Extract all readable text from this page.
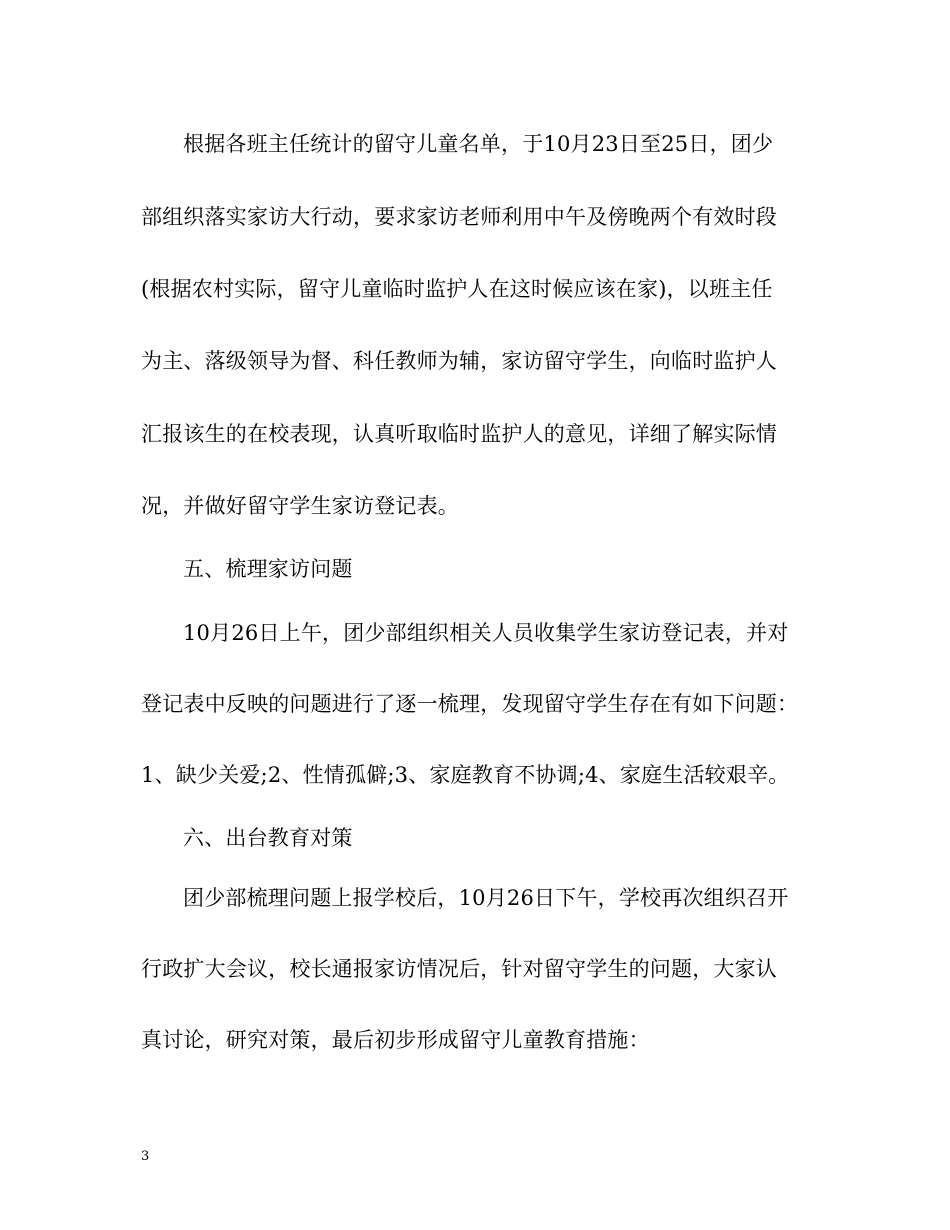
根据各班主任统计的留守儿童名单，于10月23日至25日，团少
部组织落实家访大行动，要求家访老师利用中午及傍晚两个有效时段
(根据农村实际，留守儿童临时监护人在这时候应该在家)，以班主任
为主、落级领导为督、科任教师为辅，家访留守学生，向临时监护人
汇报该生的在校表现，认真听取临时监护人的意见，详细了解实际情
况，并做好留守学生家访登记表。
五、梳理家访问题
10月26日上午，团少部组织相关人员收集学生家访登记表，并对
登记表中反映的问题进行了逐一梳理，发现留守学生存在有如下问题：
1、缺少关爱;2、性情孤僻;3、家庭教育不协调;4、家庭生活较艰辛。
六、出台教育对策
团少部梳理问题上报学校后，10月26日下午，学校再次组织召开
行政扩大会议，校长通报家访情况后，针对留守学生的问题，大家认
真讨论，研究对策，最后初步形成留守儿童教育措施：
3
